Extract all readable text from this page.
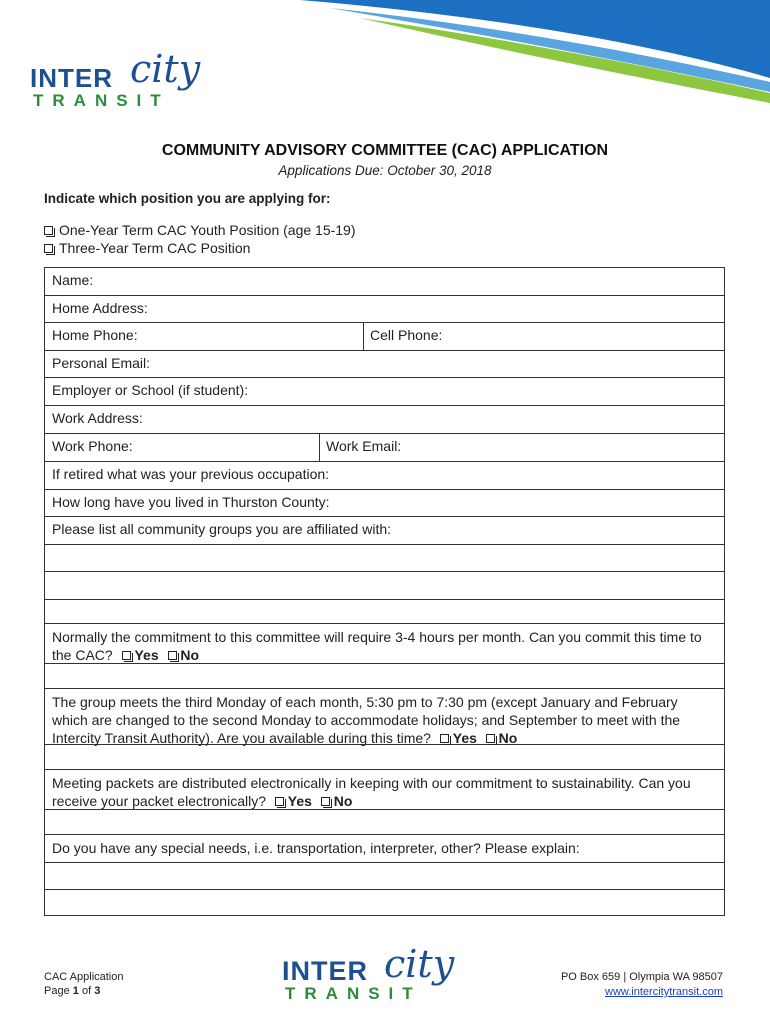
INTER city
TRANSIT
COMMUNITY ADVISORY COMMITTEE (CAC) APPLICATION
Applications Due: October 30, 2018
Indicate which position you are applying for:
One-Year Term CAC Youth Position (age 15-19)
Three-Year Term CAC Position
Name:
Home Address:
Home Phone:	Cell Phone:
Personal Email:
Employer or School (if student):
Work Address:
Work Phone:	Work Email:
If retired what was your previous occupation:
How long have you lived in Thurston County:
Please list all community groups you are affiliated with:
Normally the commitment to this committee will require 3-4 hours per month. Can you commit this time to the CAC? Yes No
The group meets the third Monday of each month, 5:30 pm to 7:30 pm (except January and February which are changed to the second Monday to accommodate holidays; and September to meet with the Intercity Transit Authority). Are you available during this time? Yes No
Meeting packets are distributed electronically in keeping with our commitment to sustainability. Can you receive your packet electronically? Yes No
Do you have any special needs, i.e. transportation, interpreter, other? Please explain:
CAC Application
Page 1 of 3
INTER city
TRANSIT
PO Box 659 | Olympia WA 98507
www.intercitytransit.com
